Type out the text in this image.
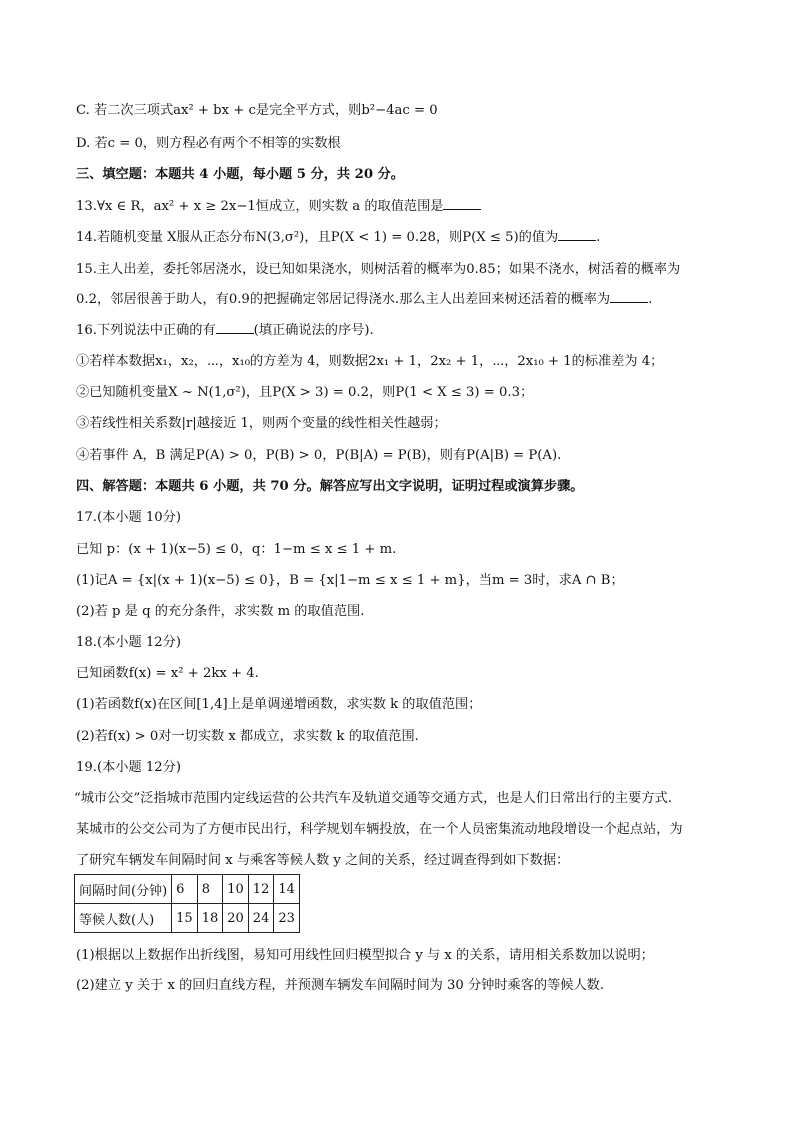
C. 若二次三项式ax² + bx + c是完全平方式，则b²−4ac = 0
D. 若c = 0，则方程必有两个不相等的实数根
三、填空题：本题共 4 小题，每小题 5 分，共 20 分。
13.∀x ∈ R，ax² + x ≥ 2x−1恒成立，则实数 a 的取值范围是
14.若随机变量 X服从正态分布N(3,σ²)，且P(X < 1) = 0.28，则P(X ≤ 5)的值为	.
15.主人出差，委托邻居浇水，设已知如果浇水，则树活着的概率为0.85；如果不浇水，树活着的概率为
0.2，邻居很善于助人，有0.9的把握确定邻居记得浇水.那么主人出差回来树还活着的概率为	.
16.下列说法中正确的有	(填正确说法的序号).
①若样本数据x₁，x₂，⋯，x₁₀的方差为 4，则数据2x₁ + 1，2x₂ + 1，⋯，2x₁₀ + 1的标准差为 4；
②已知随机变量X ~ N(1,σ²)，且P(X > 3) = 0.2，则P(1 < X ≤ 3) = 0.3；
③若线性相关系数|r|越接近 1，则两个变量的线性相关性越弱；
④若事件 A，B 满足P(A) > 0，P(B) > 0，P(B|A) = P(B)，则有P(A|B) = P(A).
四、解答题：本题共 6 小题，共 70 分。解答应写出文字说明，证明过程或演算步骤。
17.(本小题 10分)
已知 p：(x + 1)(x−5) ≤ 0，q：1−m ≤ x ≤ 1 + m.
(1)记A = {x|(x + 1)(x−5) ≤ 0}，B = {x|1−m ≤ x ≤ 1 + m}，当m = 3时，求A ∩ B；
(2)若 p 是 q 的充分条件，求实数 m 的取值范围.
18.(本小题 12分)
已知函数f(x) = x² + 2kx + 4.
(1)若函数f(x)在区间[1,4]上是单调递增函数，求实数 k 的取值范围；
(2)若f(x) > 0对一切实数 x 都成立，求实数 k 的取值范围.
19.(本小题 12分)
“城市公交”泛指城市范围内定线运营的公共汽车及轨道交通等交通方式，也是人们日常出行的主要方式.
某城市的公交公司为了方便市民出行，科学规划车辆投放，在一个人员密集流动地段增设一个起点站，为
了研究车辆发车间隔时间 x 与乘客等候人数 y 之间的关系，经过调查得到如下数据：
间隔时间(分钟)	6	8	10	12	14
等候人数(人)	15	18	20	24	23
(1)根据以上数据作出折线图，易知可用线性回归模型拟合 y 与 x 的关系，请用相关系数加以说明；
(2)建立 y 关于 x 的回归直线方程，并预测车辆发车间隔时间为 30 分钟时乘客的等候人数.
